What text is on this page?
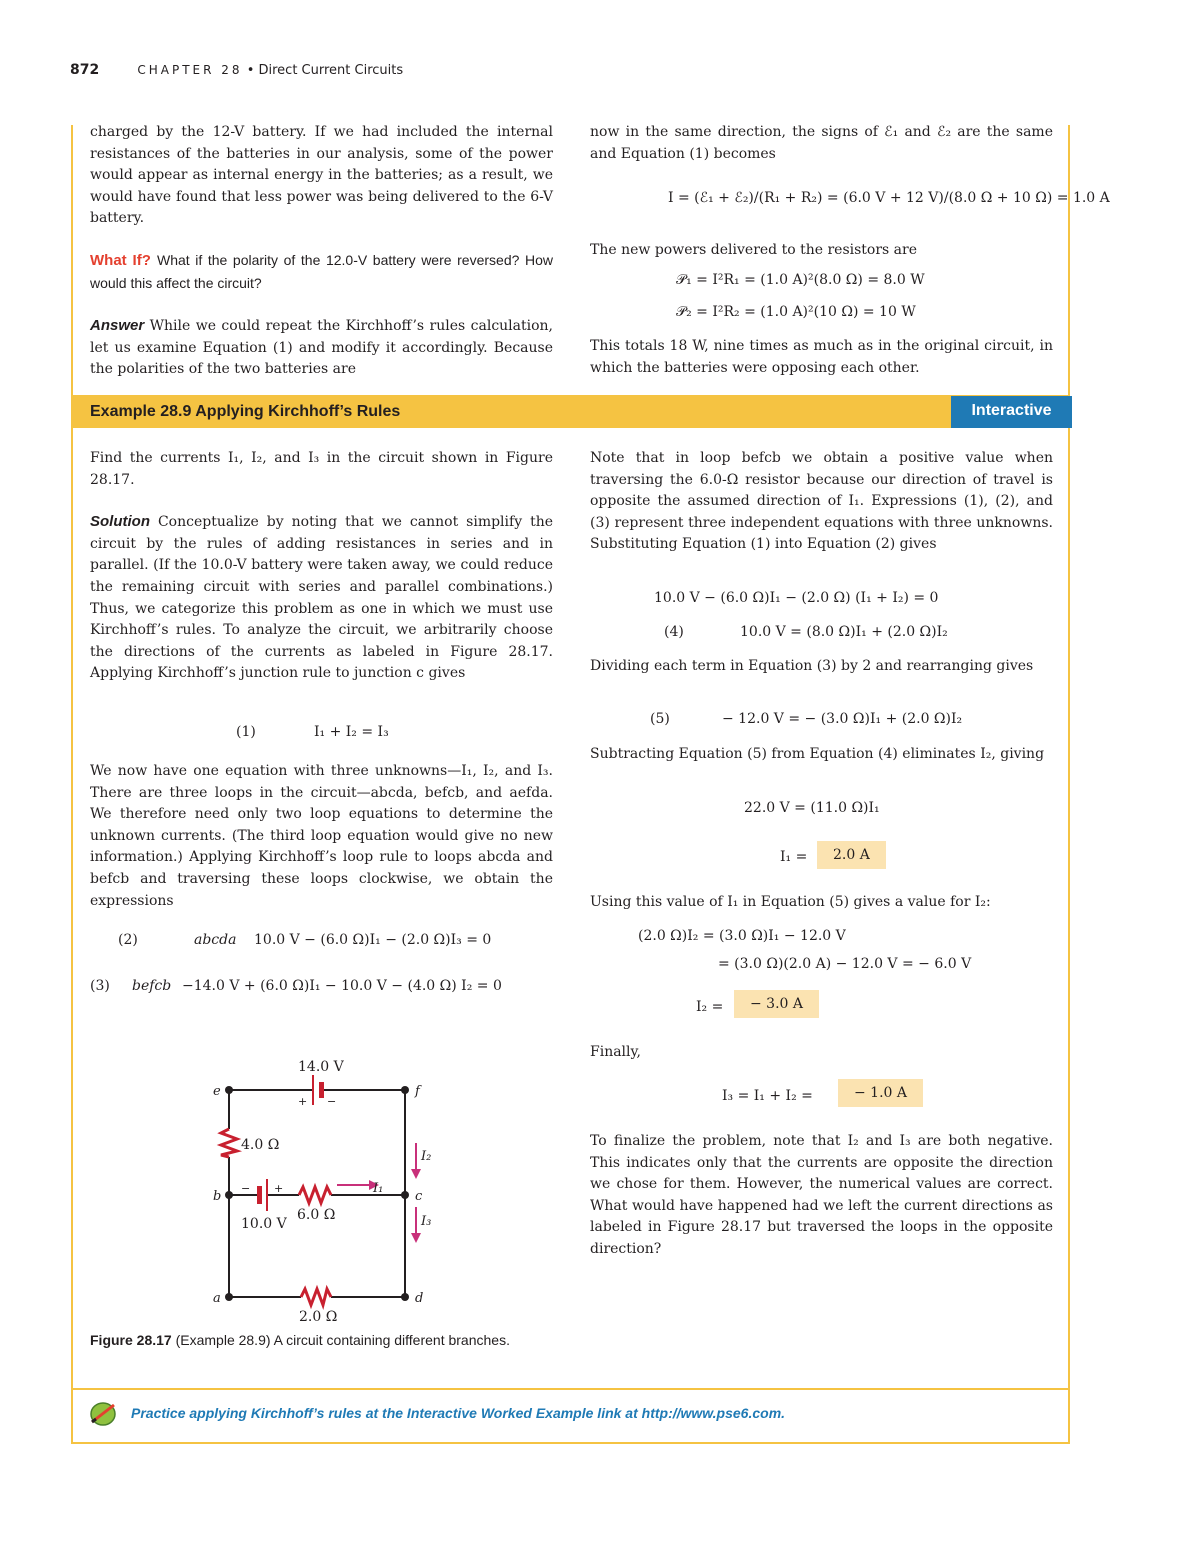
872	CHAPTER 28 • Direct Current Circuits
Example 28.9 Applying Kirchhoff’s Rules	Interactive

charged by the 12-V battery. If we had included the internal resistances of the batteries in our analysis, some of the power would appear as internal energy in the batteries; as a result, we would have found that less power was being delivered to the 6-V battery.

What If? What if the polarity of the 12.0-V battery were reversed? How would this affect the circuit?

Answer While we could repeat the Kirchhoff’s rules calculation, let us examine Equation (1) and modify it accordingly. Because the polarities of the two batteries are

now in the same direction, the signs of ℰ₁ and ℰ₂ are the same and Equation (1) becomes

I = (ℰ₁ + ℰ₂)/(R₁ + R₂) = (6.0 V + 12 V)/(8.0 Ω + 10 Ω) = 1.0 A

The new powers delivered to the resistors are

𝒫₁ = I²R₁ = (1.0 A)²(8.0 Ω) = 8.0 W
𝒫₂ = I²R₂ = (1.0 A)²(10 Ω) = 10 W

This totals 18 W, nine times as much as in the original circuit, in which the batteries were opposing each other.

Find the currents I₁, I₂, and I₃ in the circuit shown in Figure 28.17.

Solution Conceptualize by noting that we cannot simplify the circuit by the rules of adding resistances in series and in parallel. (If the 10.0-V battery were taken away, we could reduce the remaining circuit with series and parallel combinations.) Thus, we categorize this problem as one in which we must use Kirchhoff’s rules. To analyze the circuit, we arbitrarily choose the directions of the currents as labeled in Figure 28.17. Applying Kirchhoff’s junction rule to junction c gives

(1)	I₁ + I₂ = I₃

We now have one equation with three unknowns—I₁, I₂, and I₃. There are three loops in the circuit—abcda, befcb, and aefda. We therefore need only two loop equations to determine the unknown currents. (The third loop equation would give no new information.) Applying Kirchhoff’s loop rule to loops abcda and befcb and traversing these loops clockwise, we obtain the expressions

(2)	abcda 10.0 V − (6.0 Ω)I₁ − (2.0 Ω)I₃ = 0
(3) befcb −14.0 V + (6.0 Ω)I₁ − 10.0 V − (4.0 Ω) I₂ = 0
14.0 V
+ −
4.0 Ω
− +
10.0 V
6.0 Ω
2.0 Ω
I₁
I₂
I₃
e	f
b	c
a	d
Figure 28.17 (Example 28.9) A circuit containing different branches.

Note that in loop befcb we obtain a positive value when traversing the 6.0-Ω resistor because our direction of travel is opposite the assumed direction of I₁. Expressions (1), (2), and (3) represent three independent equations with three unknowns. Substituting Equation (1) into Equation (2) gives

10.0 V − (6.0 Ω)I₁ − (2.0 Ω) (I₁ + I₂) = 0
(4)	10.0 V = (8.0 Ω)I₁ + (2.0 Ω)I₂

Dividing each term in Equation (3) by 2 and rearranging gives

(5)	− 12.0 V = − (3.0 Ω)I₁ + (2.0 Ω)I₂

Subtracting Equation (5) from Equation (4) eliminates I₂, giving

22.0 V = (11.0 Ω)I₁
I₁ =	2.0 A

Using this value of I₁ in Equation (5) gives a value for I₂:

(2.0 Ω)I₂ = (3.0 Ω)I₁ − 12.0 V
= (3.0 Ω)(2.0 A) − 12.0 V = − 6.0 V
I₂ =	− 3.0 A

Finally,

I₃ = I₁ + I₂ =	− 1.0 A

To finalize the problem, note that I₂ and I₃ are both negative. This indicates only that the currents are opposite the direction we chose for them. However, the numerical values are correct. What would have happened had we left the current directions as labeled in Figure 28.17 but traversed the loops in the opposite direction?

Practice applying Kirchhoff’s rules at the Interactive Worked Example link at http://www.pse6.com.
